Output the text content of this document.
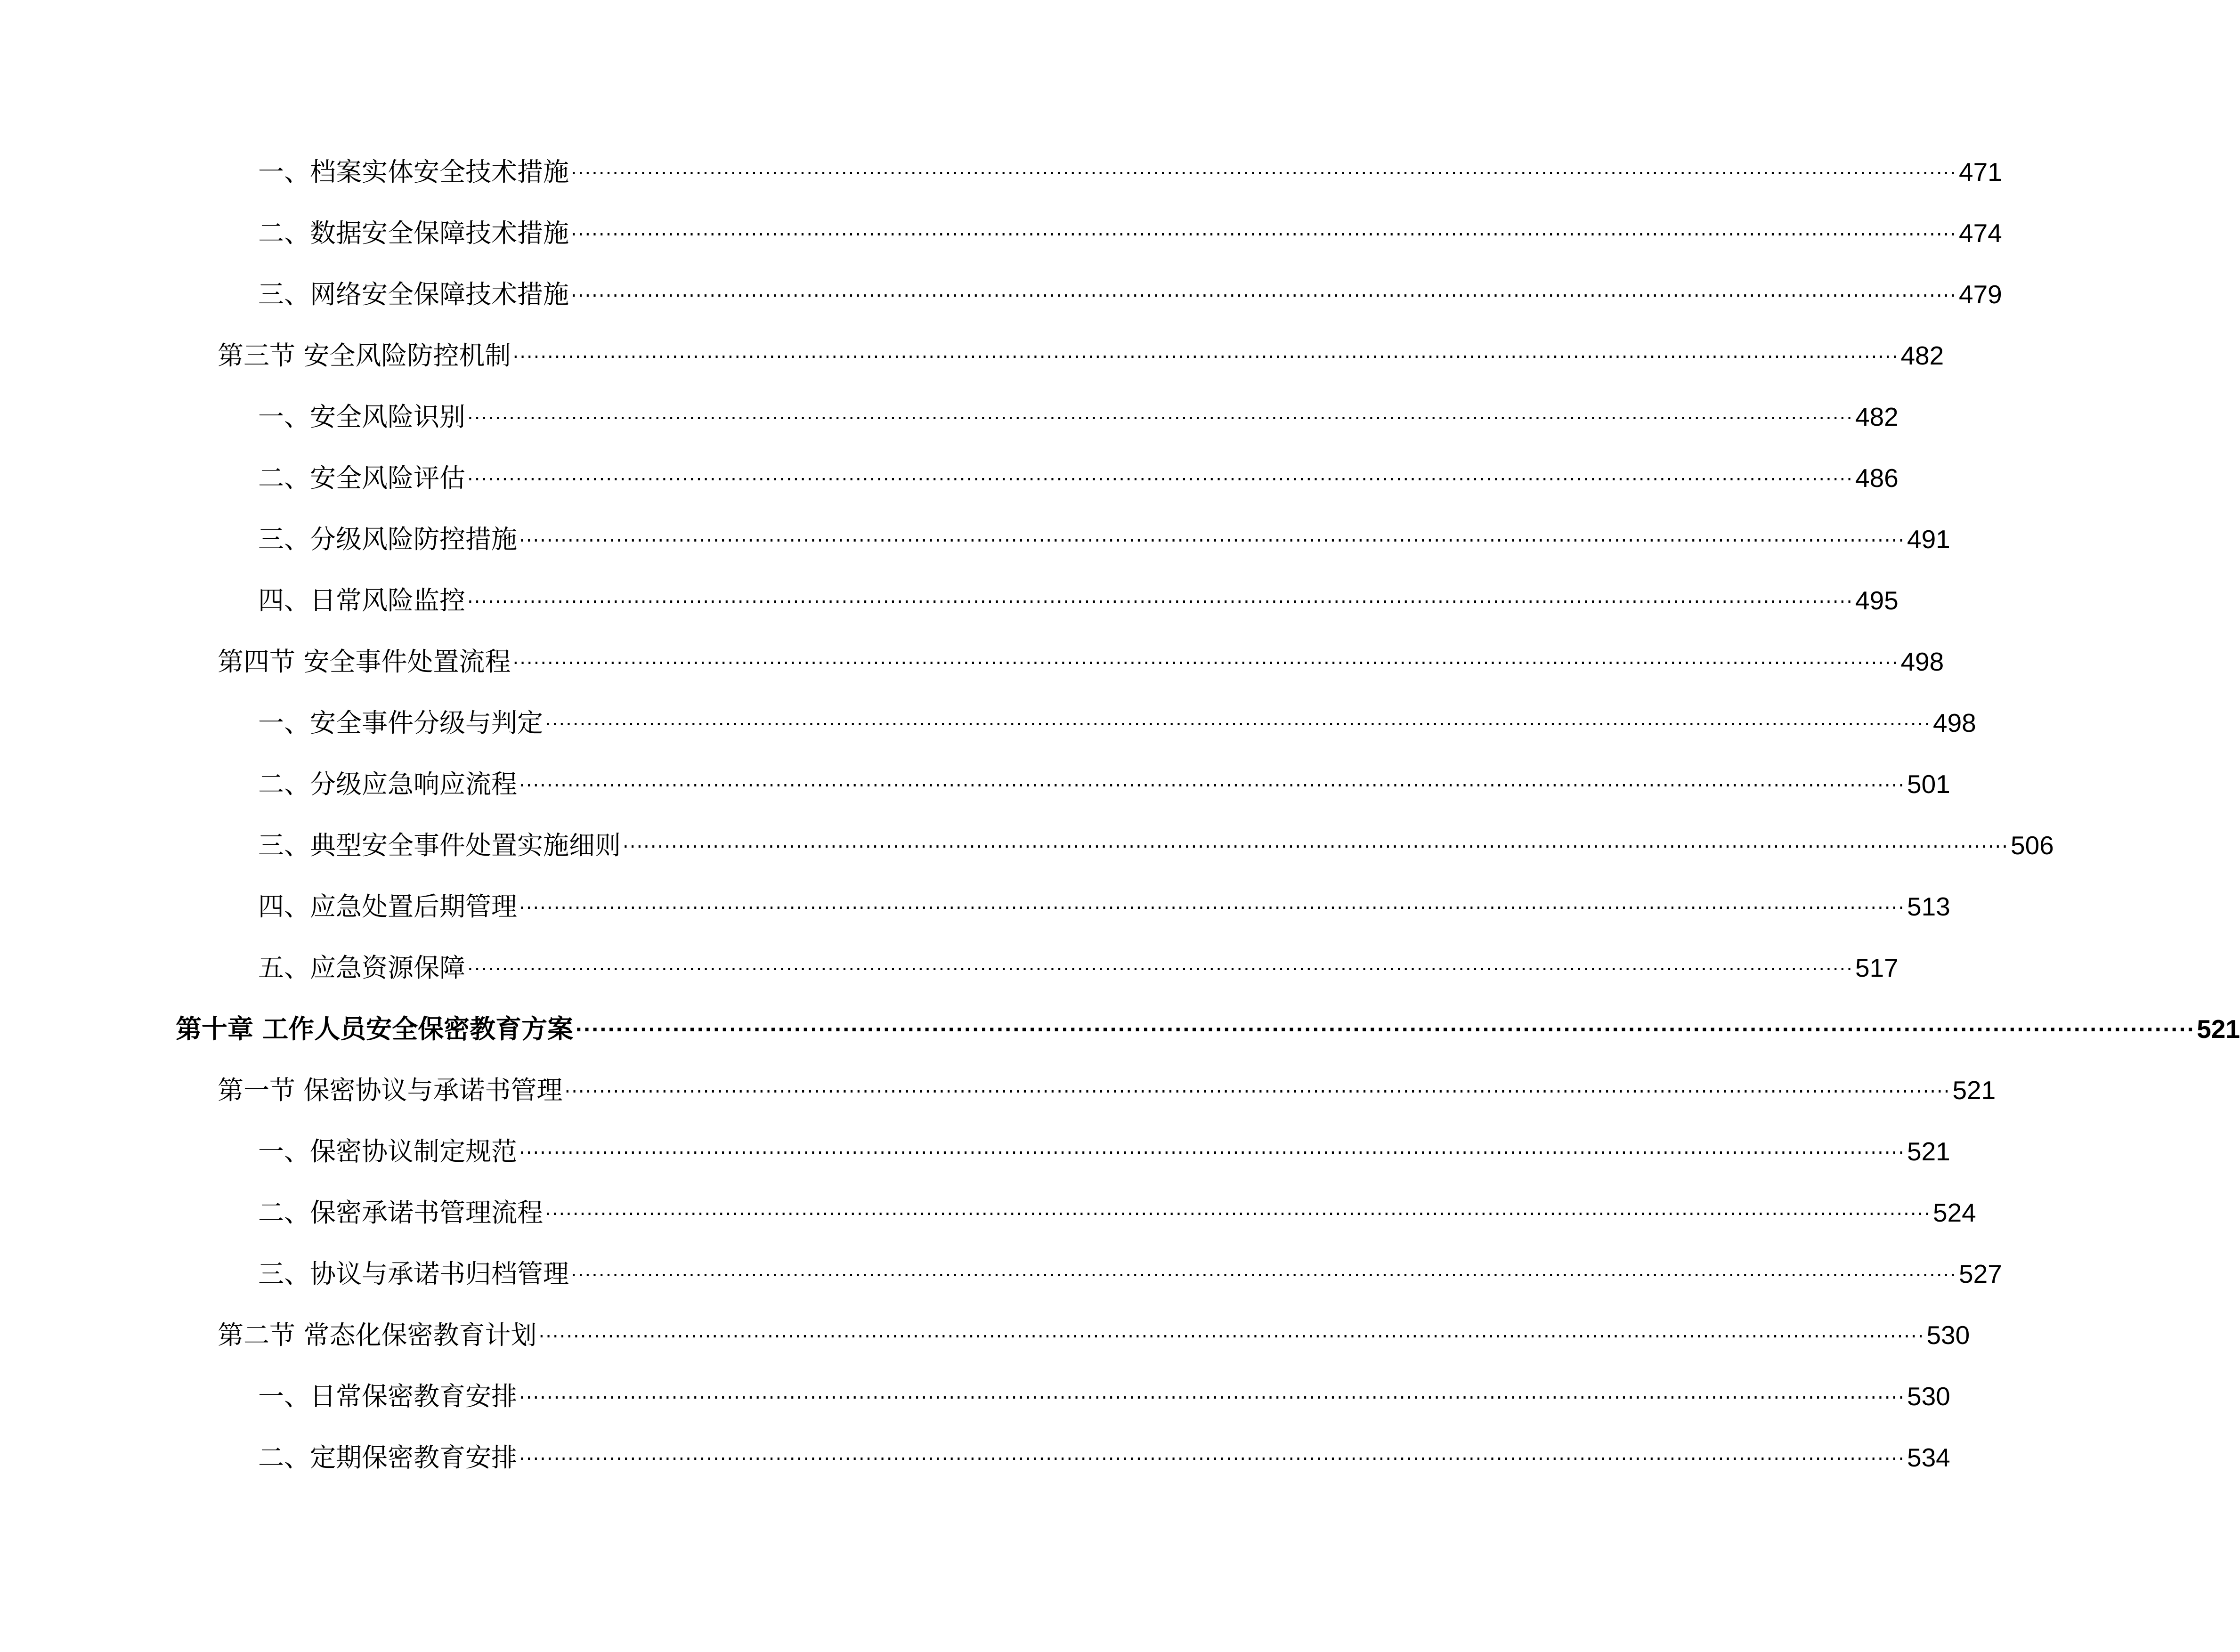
一、档案实体安全技术措施 ........................................................................................................................................................................................................ 471
二、数据安全保障技术措施 ........................................................................................................................................................................................................ 474
三、网络安全保障技术措施 ........................................................................................................................................................................................................ 479
第三节 安全风险防控机制 ........................................................................................................................................................................................................ 482
一、安全风险识别 ........................................................................................................................................................................................................ 482
二、安全风险评估 ........................................................................................................................................................................................................ 486
三、分级风险防控措施 ........................................................................................................................................................................................................ 491
四、日常风险监控 ........................................................................................................................................................................................................ 495
第四节 安全事件处置流程 ........................................................................................................................................................................................................ 498
一、安全事件分级与判定 ........................................................................................................................................................................................................ 498
二、分级应急响应流程 ........................................................................................................................................................................................................ 501
三、典型安全事件处置实施细则 ........................................................................................................................................................................................................ 506
四、应急处置后期管理 ........................................................................................................................................................................................................ 513
五、应急资源保障 ........................................................................................................................................................................................................ 517
第十章 工作人员安全保密教育方案 ........................................................................................................................................................................................................ 521
第一节 保密协议与承诺书管理 ........................................................................................................................................................................................................ 521
一、保密协议制定规范 ........................................................................................................................................................................................................ 521
二、保密承诺书管理流程 ........................................................................................................................................................................................................ 524
三、协议与承诺书归档管理 ........................................................................................................................................................................................................ 527
第二节 常态化保密教育计划 ........................................................................................................................................................................................................ 530
一、日常保密教育安排 ........................................................................................................................................................................................................ 530
二、定期保密教育安排 ........................................................................................................................................................................................................ 534
